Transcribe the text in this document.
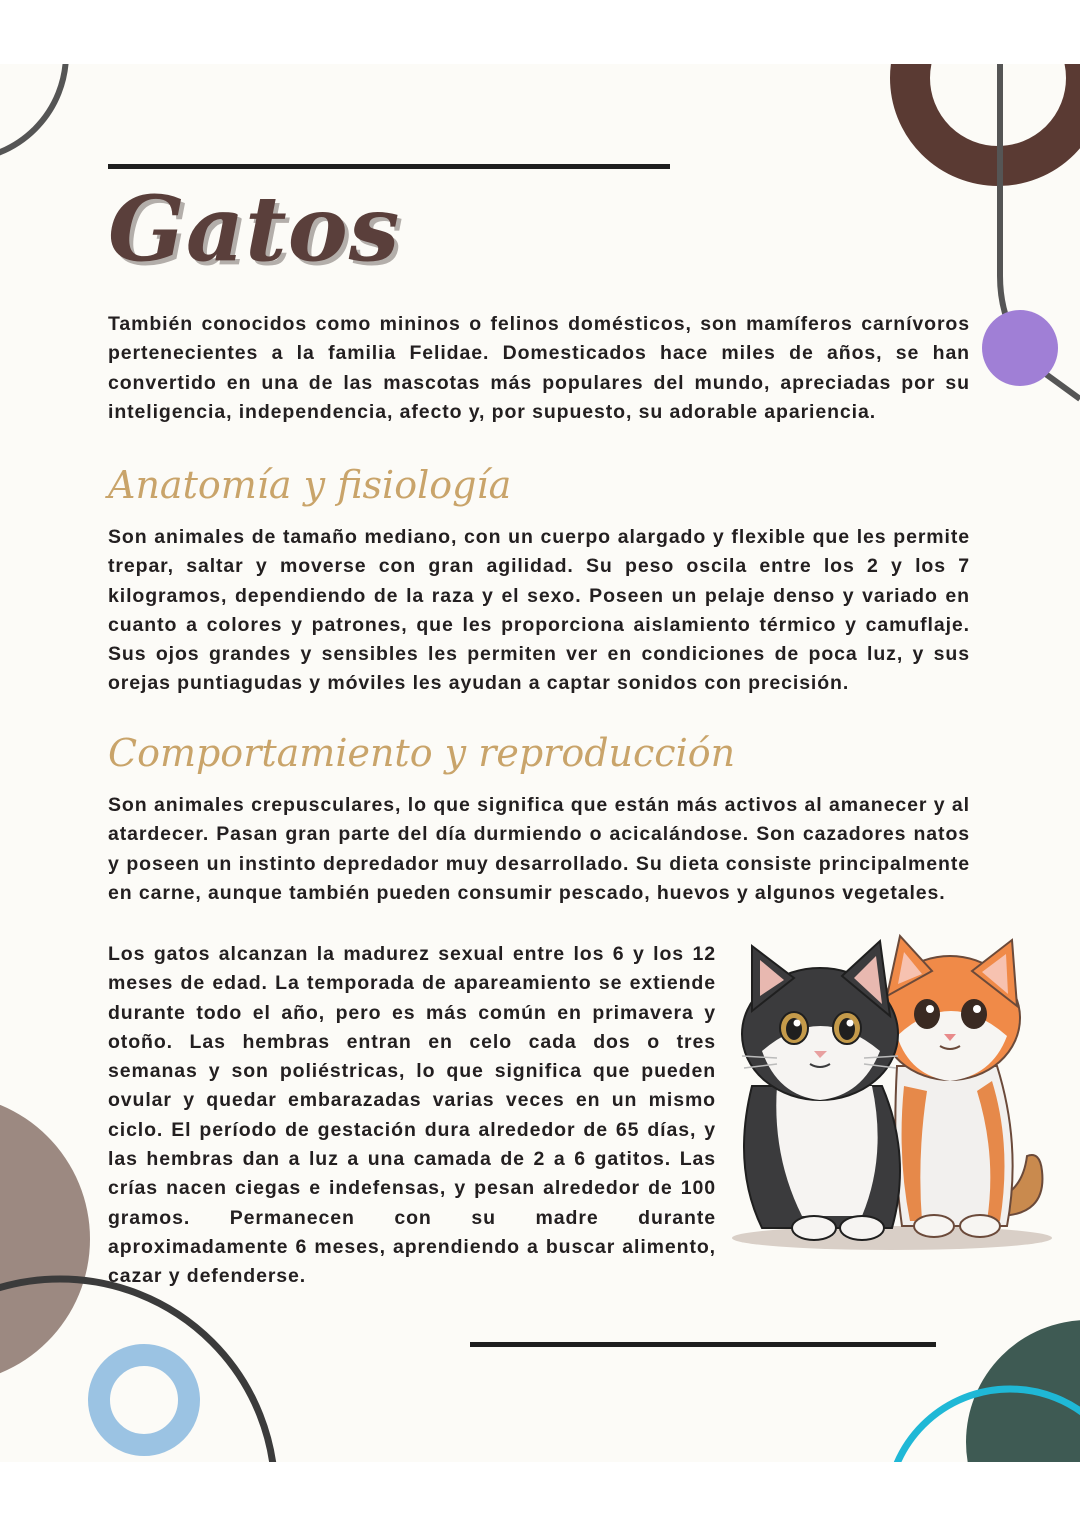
Gatos

También conocidos como mininos o felinos domésticos, son mamíferos carnívoros pertenecientes a la familia Felidae. Domesticados hace miles de años, se han convertido en una de las mascotas más populares del mundo, apreciadas por su inteligencia, independencia, afecto y, por supuesto, su adorable apariencia.

Anatomía y fisiología

Son animales de tamaño mediano, con un cuerpo alargado y flexible que les permite trepar, saltar y moverse con gran agilidad. Su peso oscila entre los 2 y los 7 kilogramos, dependiendo de la raza y el sexo. Poseen un pelaje denso y variado en cuanto a colores y patrones, que les proporciona aislamiento térmico y camuflaje. Sus ojos grandes y sensibles les permiten ver en condiciones de poca luz, y sus orejas puntiagudas y móviles les ayudan a captar sonidos con precisión.

Comportamiento y reproducción

Son animales crepusculares, lo que significa que están más activos al amanecer y al atardecer. Pasan gran parte del día durmiendo o acicalándose. Son cazadores natos y poseen un instinto depredador muy desarrollado. Su dieta consiste principalmente en carne, aunque también pueden consumir pescado, huevos y algunos vegetales.

Los gatos alcanzan la madurez sexual entre los 6 y los 12 meses de edad. La temporada de apareamiento se extiende durante todo el año, pero es más común en primavera y otoño. Las hembras entran en celo cada dos o tres semanas y son poliéstricas, lo que significa que pueden ovular y quedar embarazadas varias veces en un mismo ciclo. El período de gestación dura alrededor de 65 días, y las hembras dan a luz a una camada de 2 a 6 gatitos. Las crías nacen ciegas e indefensas, y pesan alrededor de 100 gramos. Permanecen con su madre durante aproximadamente 6 meses, aprendiendo a buscar alimento, cazar y defenderse.
